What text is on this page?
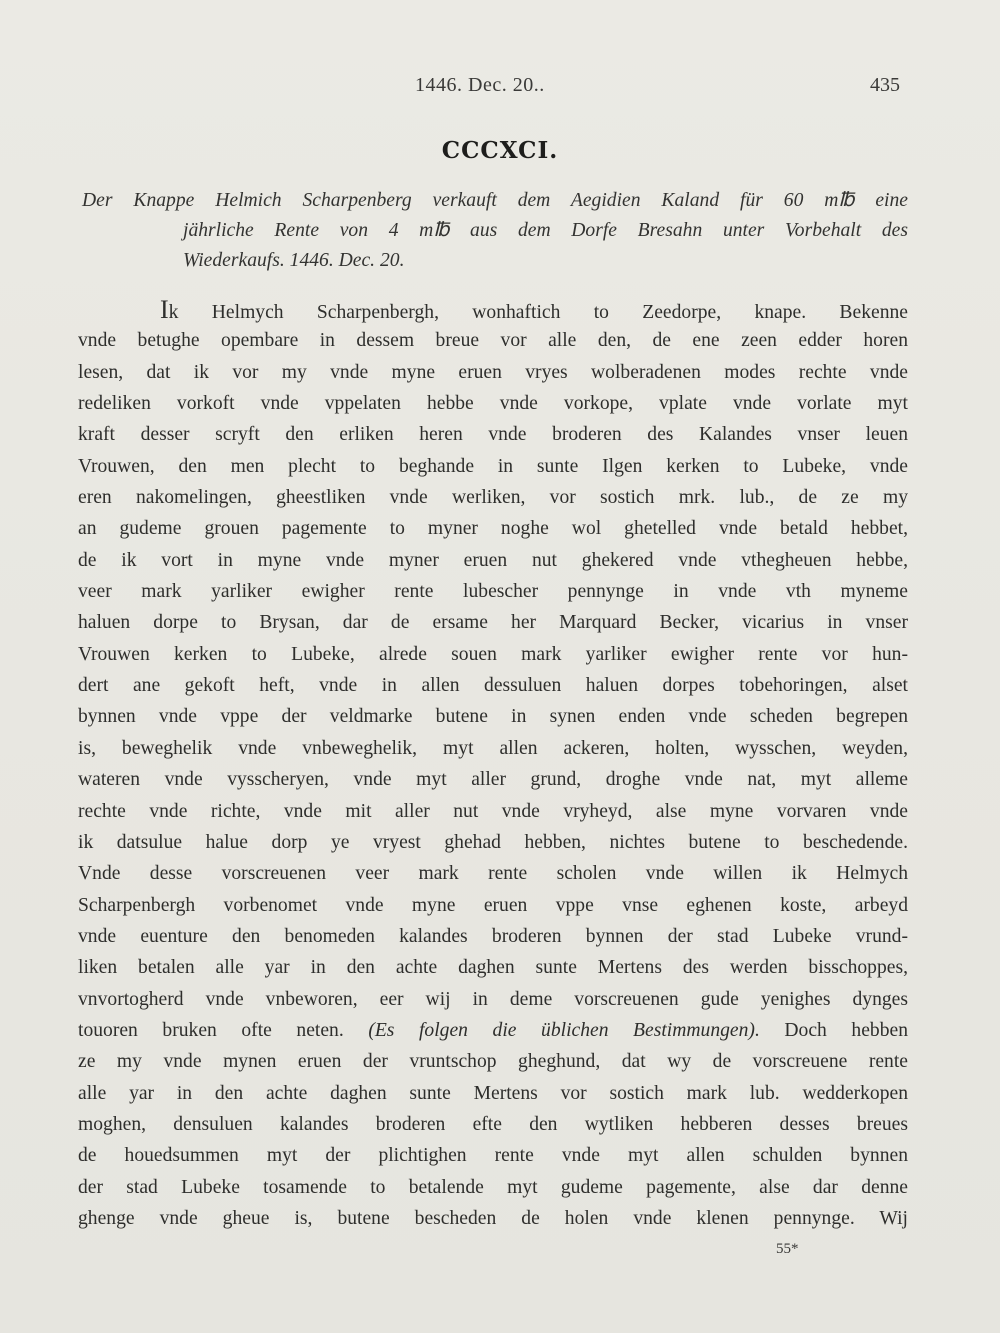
1446. Dec. 20..	435
CCCXCI.
Der Knappe Helmich Scharpenberg verkauft dem Aegidien Kaland für 60 m℔ eine
jährliche Rente von 4 m℔ aus dem Dorfe Bresahn unter Vorbehalt des
Wiederkaufs. 1446. Dec. 20.
Ik Helmych Scharpenbergh, wonhaftich to Zeedorpe, knape. Bekenne
vnde betughe opembare in dessem breue vor alle den, de ene zeen edder horen
lesen, dat ik vor my vnde myne eruen vryes wolberadenen modes rechte vnde
redeliken vorkoft vnde vppelaten hebbe vnde vorkope, vplate vnde vorlate myt
kraft desser scryft den erliken heren vnde broderen des Kalandes vnser leuen
Vrouwen, den men plecht to beghande in sunte Ilgen kerken to Lubeke, vnde
eren nakomelingen, gheestliken vnde werliken, vor sostich mrk. lub., de ze my
an gudeme grouen pagemente to myner noghe wol ghetelled vnde betald hebbet,
de ik vort in myne vnde myner eruen nut ghekered vnde vthegheuen hebbe,
veer mark yarliker ewigher rente lubescher pennynge in vnde vth myneme
haluen dorpe to Brysan, dar de ersame her Marquard Becker, vicarius in vnser
Vrouwen kerken to Lubeke, alrede souen mark yarliker ewigher rente vor hun-
dert ane gekoft heft, vnde in allen dessuluen haluen dorpes tobehoringen, alset
bynnen vnde vppe der veldmarke butene in synen enden vnde scheden begrepen
is, beweghelik vnde vnbeweghelik, myt allen ackeren, holten, wysschen, weyden,
wateren vnde vysscheryen, vnde myt aller grund, droghe vnde nat, myt alleme
rechte vnde richte, vnde mit aller nut vnde vryheyd, alse myne vorvaren vnde
ik datsulue halue dorp ye vryest ghehad hebben, nichtes butene to beschedende.
Vnde desse vorscreuenen veer mark rente scholen vnde willen ik Helmych
Scharpenbergh vorbenomet vnde myne eruen vppe vnse eghenen koste, arbeyd
vnde euenture den benomeden kalandes broderen bynnen der stad Lubeke vrund-
liken betalen alle yar in den achte daghen sunte Mertens des werden bisschoppes,
vnvortogherd vnde vnbeworen, eer wij in deme vorscreuenen gude yenighes dynges
touoren bruken ofte neten. (Es folgen die üblichen Bestimmungen). Doch hebben
ze my vnde mynen eruen der vruntschop gheghund, dat wy de vorscreuene rente
alle yar in den achte daghen sunte Mertens vor sostich mark lub. wedderkopen
moghen, densuluen kalandes broderen efte den wytliken hebberen desses breues
de houedsummen myt der plichtighen rente vnde myt allen schulden bynnen
der stad Lubeke tosamende to betalende myt gudeme pagemente, alse dar denne
ghenge vnde gheue is, butene bescheden de holen vnde klenen pennynge. Wij
55*
